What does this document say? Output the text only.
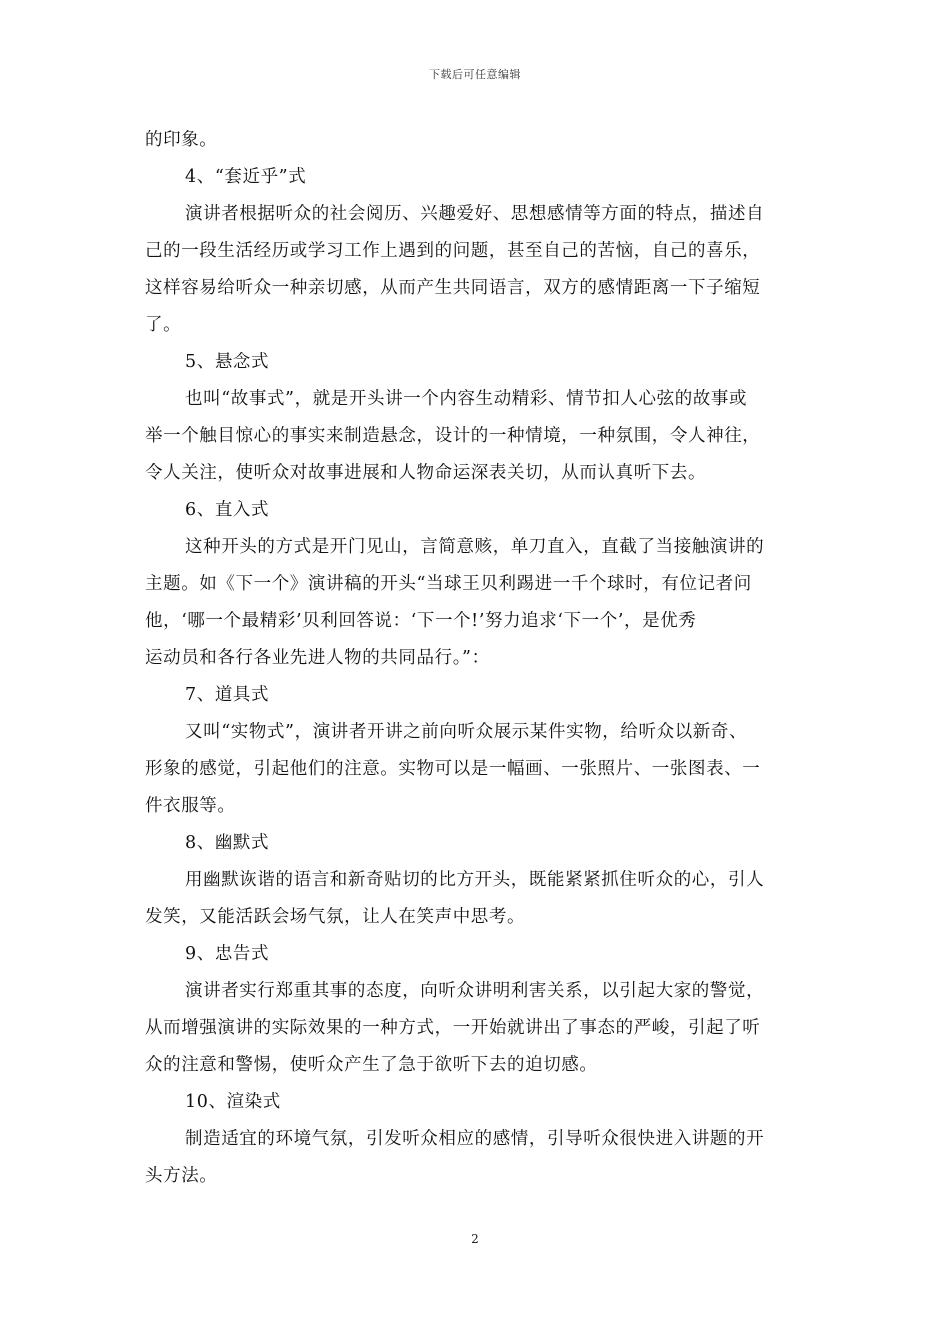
下载后可任意编辑
的印象。
4、“套近乎”式
演讲者根据听众的社会阅历、兴趣爱好、思想感情等方面的特点，描述自
己的一段生活经历或学习工作上遇到的问题，甚至自己的苦恼，自己的喜乐，
这样容易给听众一种亲切感，从而产生共同语言，双方的感情距离一下子缩短
了。
5、悬念式
也叫“故事式”，就是开头讲一个内容生动精彩、情节扣人心弦的故事或
举一个触目惊心的事实来制造悬念，设计的一种情境，一种氛围，令人神往，
令人关注，使听众对故事进展和人物命运深表关切，从而认真听下去。
6、直入式
这种开头的方式是开门见山，言简意赅，单刀直入，直截了当接触演讲的
主题。如《下一个》演讲稿的开头“当球王贝利踢进一千个球时，有位记者问
他，‘哪一个最精彩’贝利回答说：‘下一个!’努力追求‘下一个’，是优秀
运动员和各行各业先进人物的共同品行。”：
7、道具式
又叫“实物式”，演讲者开讲之前向听众展示某件实物，给听众以新奇、
形象的感觉，引起他们的注意。实物可以是一幅画、一张照片、一张图表、一
件衣服等。
8、幽默式
用幽默诙谐的语言和新奇贴切的比方开头，既能紧紧抓住听众的心，引人
发笑，又能活跃会场气氛，让人在笑声中思考。
9、忠告式
演讲者实行郑重其事的态度，向听众讲明利害关系，以引起大家的警觉，
从而增强演讲的实际效果的一种方式，一开始就讲出了事态的严峻，引起了听
众的注意和警惕，使听众产生了急于欲听下去的迫切感。
10、渲染式
制造适宜的环境气氛，引发听众相应的感情，引导听众很快进入讲题的开
头方法。
2
